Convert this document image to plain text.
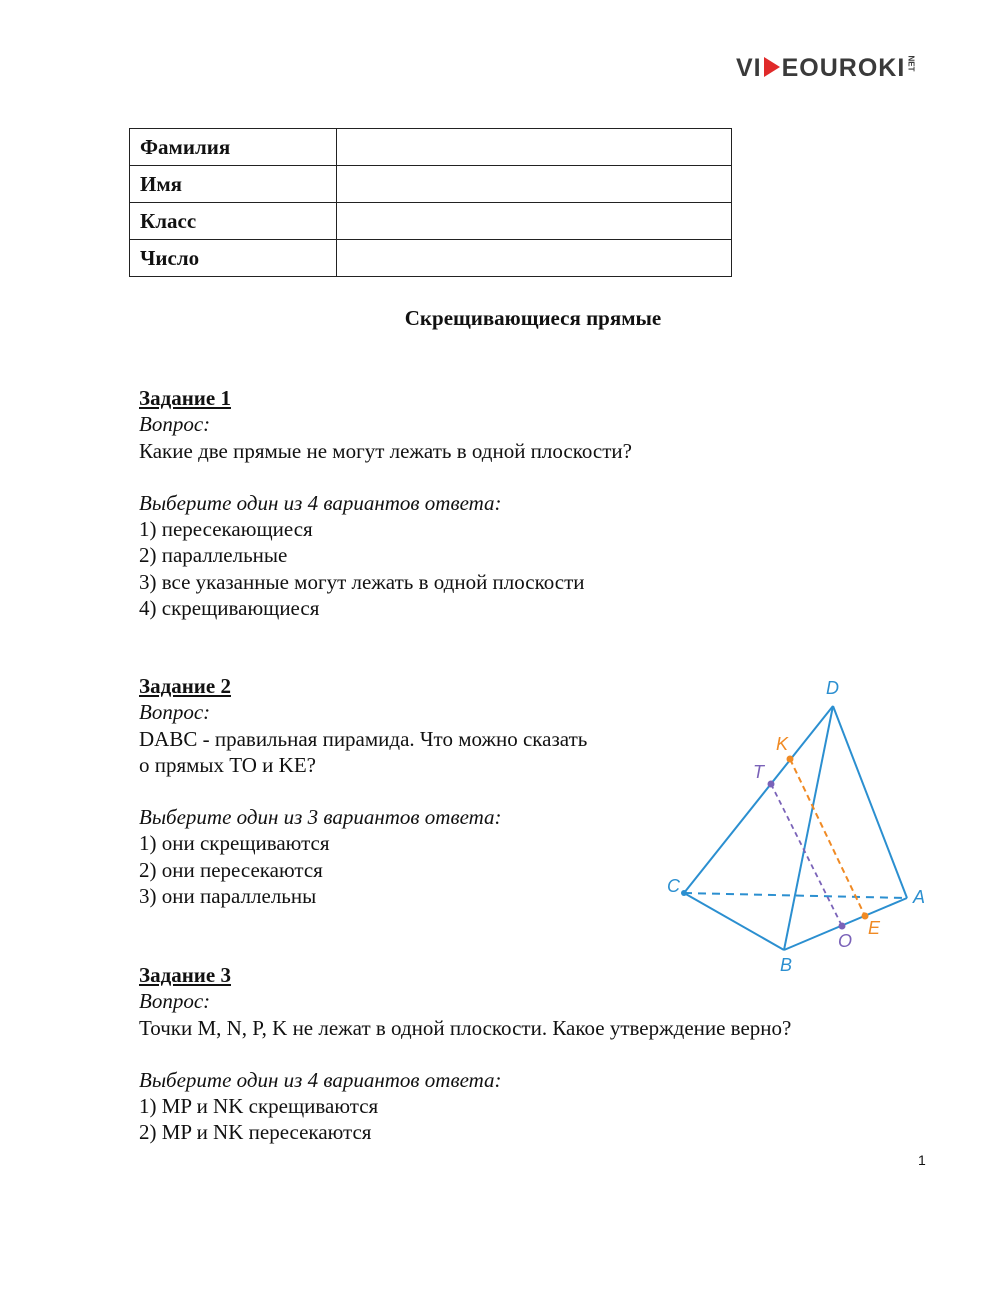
VI EOUROKI NET
Фамилия	
Имя	
Класс	
Число	
Скрещивающиеся прямые
Задание 1
Вопрос:
Какие две прямые не могут лежать в одной плоскости?
Выберите один из 4 вариантов ответа:
1) пересекающиеся
2) параллельные
3) все указанные могут лежать в одной плоскости
4) скрещивающиеся
Задание 2
Вопрос:
DABC - правильная пирамида. Что можно сказать
о прямых TO и KE?
Выберите один из 3 вариантов ответа:
1) они скрещиваются
2) они пересекаются
3) они параллельны
D
K
T
C
A
O
E
B
Задание 3
Вопрос:
Точки M, N, P, K не лежат в одной плоскости. Какое утверждение верно?
Выберите один из 4 вариантов ответа:
1) MP и NK скрещиваются
2) MP и NK пересекаются
1
